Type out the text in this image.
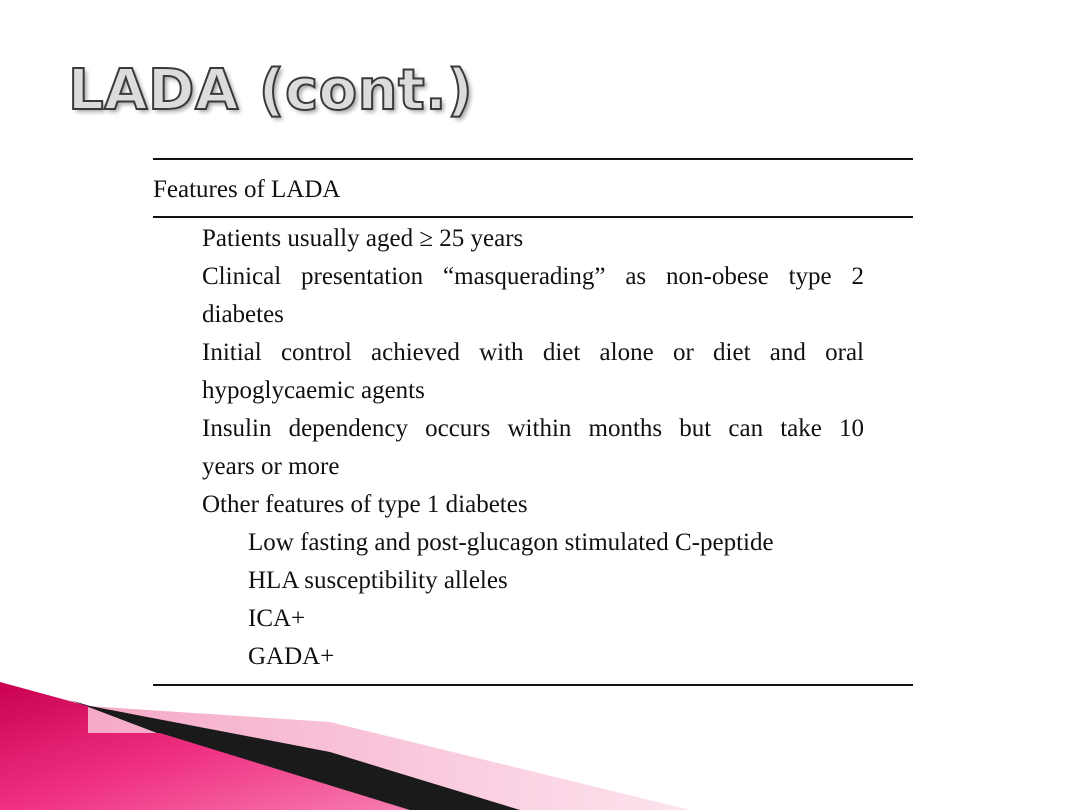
LADA (cont.)
Features of LADA
Patients usually aged ≥ 25 years
Clinical presentation “masquerading” as non-obese type 2
diabetes
Initial control achieved with diet alone or diet and oral
hypoglycaemic agents
Insulin dependency occurs within months but can take 10
years or more
Other features of type 1 diabetes
Low fasting and post-glucagon stimulated C-peptide
HLA susceptibility alleles
ICA+
GADA+
